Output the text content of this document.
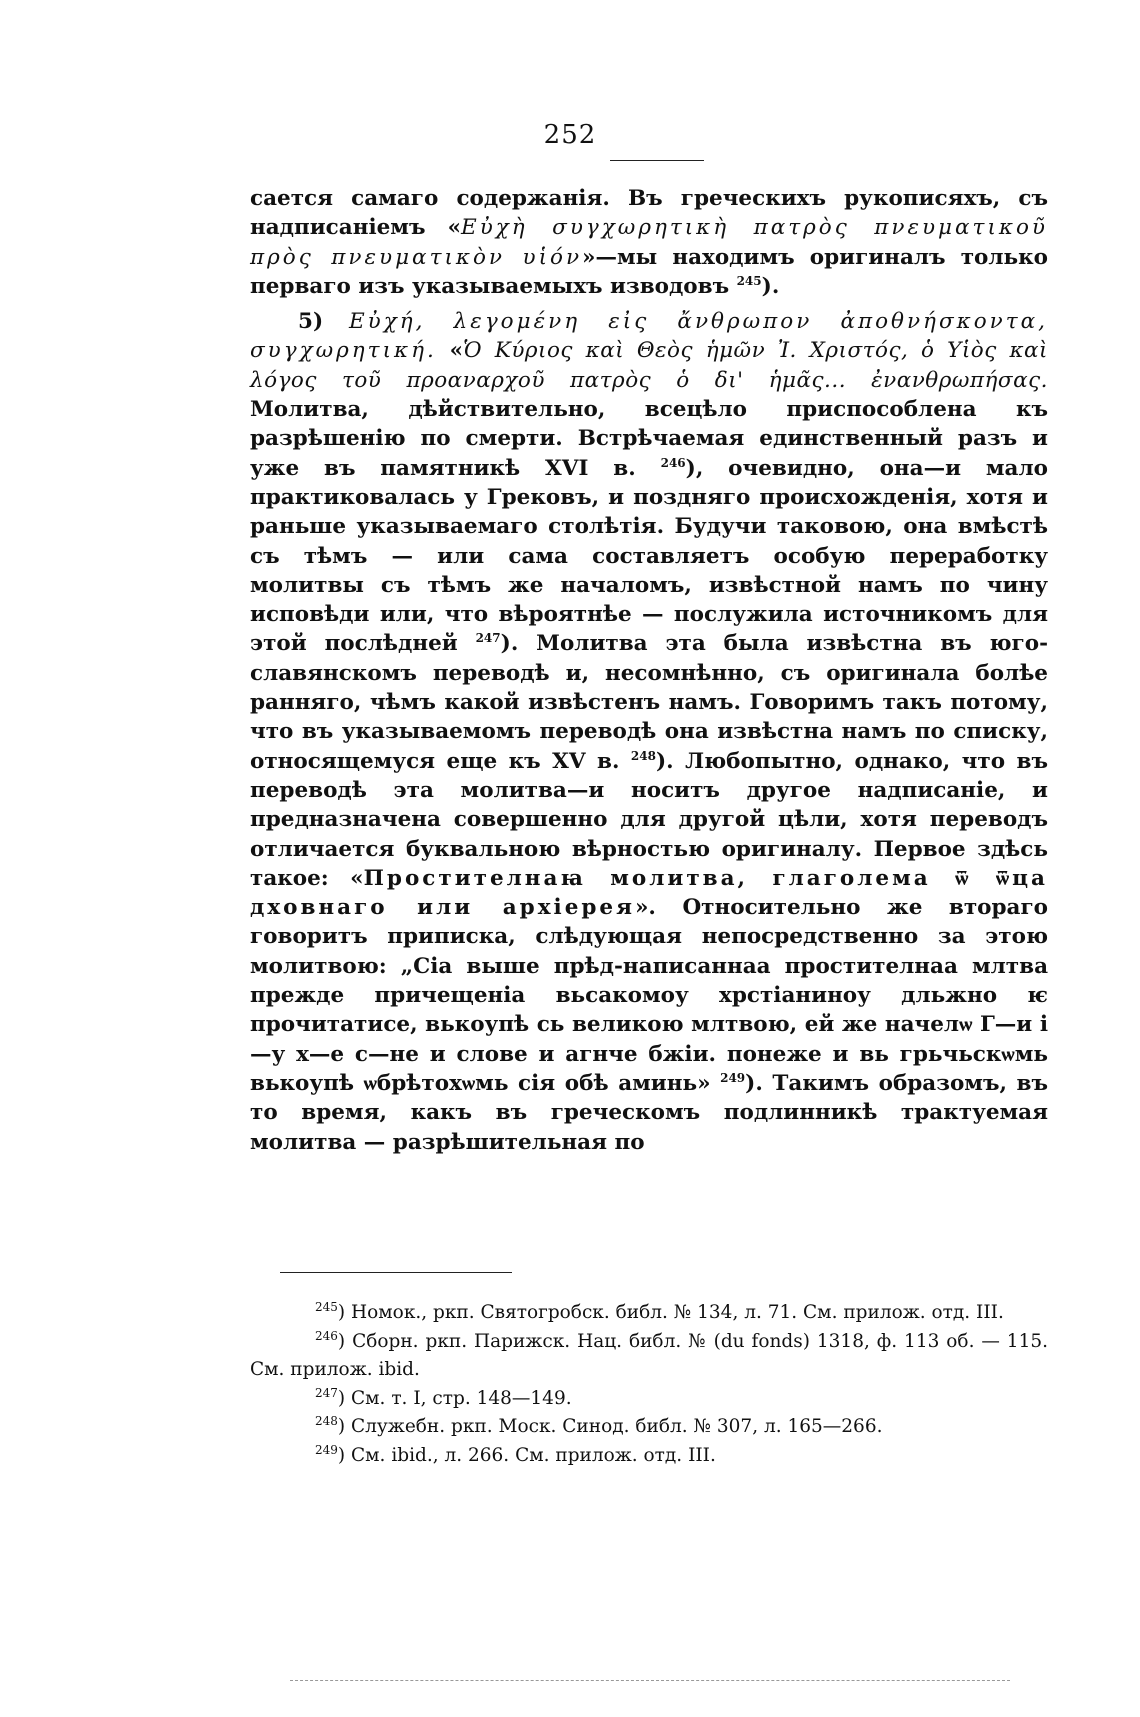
252

сается самаго содержанія. Въ греческихъ рукописяхъ, съ надписаніемъ «Εὐχὴ συγχωρητικὴ πατρὸς πνευματικοῦ πρὸς πνευματικὸν υἱόν»—мы находимъ оригиналъ только перваго изъ указываемыхъ изводовъ $^{245}$).

5) Εὐχή, λεγομένη εἰς ἄνθρωπον ἀποθνήσκοντα, συγχωρητική. «Ὁ Κύριος καὶ Θεὸς ἡμῶν Ἰ. Χριστός, ὁ Υἱὸς καὶ λόγος τοῦ προαναρχοῦ πατρὸς ὁ δι' ἡμᾶς... ἐνανθρωπήσας. Молитва, дѣйствительно, всецѣло приспособлена къ разрѣшенію по смерти. Встрѣчаемая единственный разъ и уже въ памятникѣ XVI в. $^{246}$), очевидно, она—и мало практиковалась у Грековъ, и поздняго происхожденія, хотя и раньше указываемаго столѣтія. Будучи таковою, она вмѣстѣ съ тѣмъ — или сама составляетъ особую переработку молитвы съ тѣмъ же началомъ, извѣстной намъ по чину исповѣди или, что вѣроятнѣе — послужила источникомъ для этой послѣдней $^{247}$). Молитва эта была извѣстна въ юго-славянскомъ переводѣ и, несомнѣнно, съ оригинала болѣе ранняго, чѣмъ какой извѣстенъ намъ. Говоримъ такъ потому, что въ указываемомъ переводѣ она извѣстна намъ по списку, относящемуся еще къ XV в. $^{248}$). Любопытно, однако, что въ переводѣ эта молитва—и носитъ другое надписаніе, и предназначена совершенно для другой цѣли, хотя переводъ отличается буквальною вѣрностью оригиналу. Первое здѣсь такое: «Простителнаꙗ молитва, глаголема ѿ ѿца дховнаго или архіерея». Относительно же втораго говоритъ приписка, слѣдующая непосредственно за этою молитвою: „Сіа выше прѣд-написаннаа простителнаа млтва прежде причещеніа вьсакомоу хрстіаниноу дльжно ѥ прочитатисе, вькоупѣ сь великою млтвою, ей же начелѡ Г—и і—у х—е с—не и слове и агнче бжіи. понеже и вь грьчьскѡмь вькоупѣ ѡбрѣтохѡмь сія обѣ аминь» $^{249}$). Такимъ образомъ, въ то время, какъ въ греческомъ подлинникѣ трактуемая молитва — разрѣшительная по

$^{245}$) Номок., ркп. Святогробск. библ. № 134, л. 71. См. прилож. отд. III.

$^{246}$) Сборн. ркп. Парижск. Нац. библ. № (du fonds) 1318, ф. 113 об. — 115. См. прилож. ibid.

$^{247}$) См. т. I, стр. 148—149.

$^{248}$) Служебн. ркп. Моск. Синод. библ. № 307, л. 165—266.

$^{249}$) См. ibid., л. 266. См. прилож. отд. III.
